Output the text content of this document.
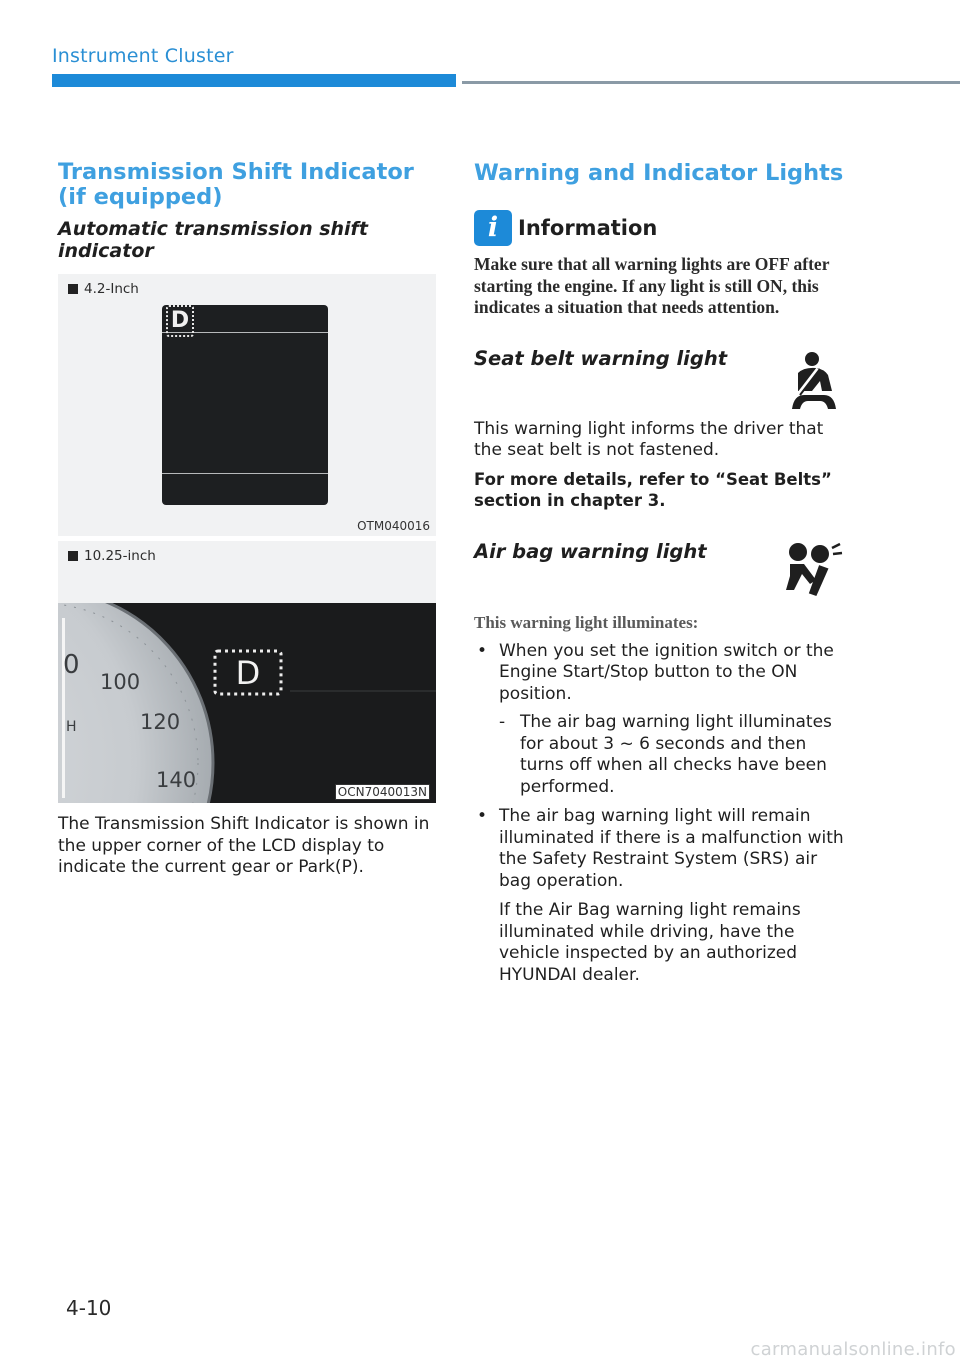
Instrument Cluster
Transmission Shift Indicator (if equipped)
Automatic transmission shift indicator
4.2-Inch
D
OTM040016
10.25-inch
0
100
120
140
H
D
OCN7040013N

The Transmission Shift Indicator is shown in the upper corner of the LCD display to indicate the current gear or Park(P).

Warning and Indicator Lights
i Information

Make sure that all warning lights are OFF after starting the engine. If any light is still ON, this indicates a situation that needs attention.

Seat belt warning light

This warning light informs the driver that the seat belt is not fastened.

For more details, refer to “Seat Belts” section in chapter 3.

Air bag warning light

This warning light illuminates:

• When you set the ignition switch or the Engine Start/Stop button to the ON position.
- The air bag warning light illuminates for about 3 ~ 6 seconds and then turns off when all checks have been performed.
• The air bag warning light will remain illuminated if there is a malfunction with the Safety Restraint System (SRS) air bag operation.
If the Air Bag warning light remains illuminated while driving, have the vehicle inspected by an authorized HYUNDAI dealer.
4-10
carmanualsonline.info
